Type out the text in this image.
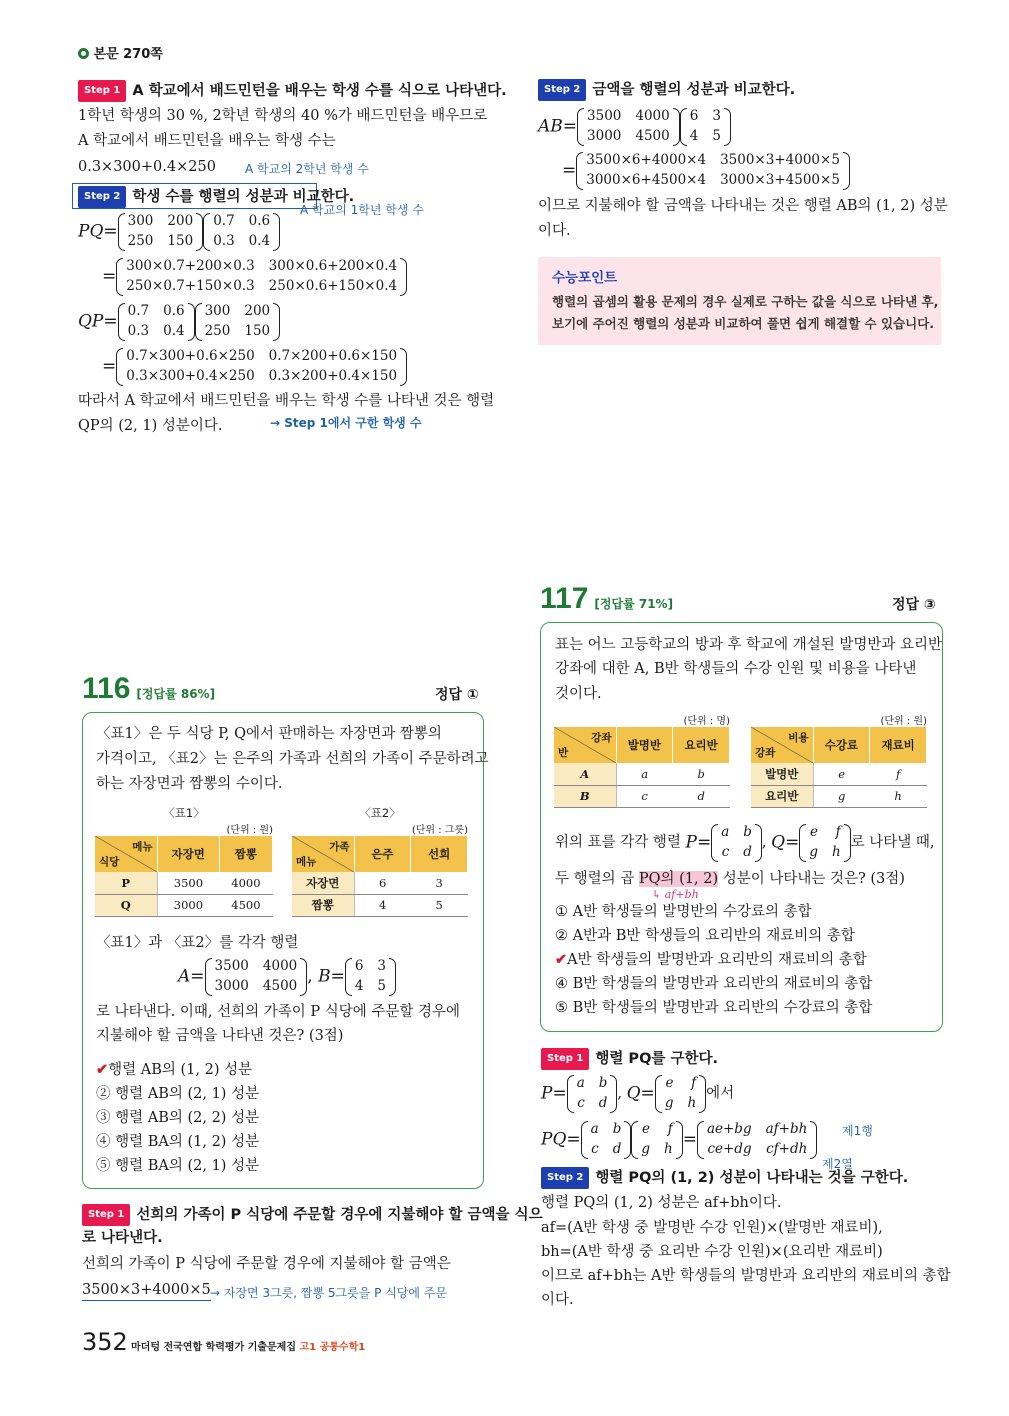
본문 270쪽
Step 1 A 학교에서 배드민턴을 배우는 학생 수를 식으로 나타낸다.
1학년 학생의 30 %, 2학년 학생의 40 %가 배드민턴을 배우므로
A 학교에서 배드민턴을 배우는 학생 수는
0.3×300+0.4×250 A 학교의 2학년 학생 수
Step 2 학생 수를 행렬의 성분과 비교한다.
A 학교의 1학년 학생 수
PQ=
300 200
250 150
0.7 0.6
0.3 0.4
=
300×0.7+200×0.3 300×0.6+200×0.4
250×0.7+150×0.3 250×0.6+150×0.4
QP=
0.7 0.6
0.3 0.4
300 200
250 150
=
0.7×300+0.6×250 0.7×200+0.6×150
0.3×300+0.4×250 0.3×200+0.4×150
따라서 A 학교에서 배드민턴을 배우는 학생 수를 나타낸 것은 행렬
QP의 (2, 1) 성분이다.	→ Step 1에서 구한 학생 수
Step 2 금액을 행렬의 성분과 비교한다.
AB=
3500 4000
3000 4500
6 3
4 5
=
3500×6+4000×4 3500×3+4000×5
3000×6+4500×4 3000×3+4500×5
이므로 지불해야 할 금액을 나타내는 것은 행렬 AB의 (1, 2) 성분
이다.
수능포인트
행렬의 곱셈의 활용 문제의 경우 실제로 구하는 값을 식으로 나타낸 후,
보기에 주어진 행렬의 성분과 비교하여 풀면 쉽게 해결할 수 있습니다.
116 [정답률 86%]	정답 ①
〈표1〉은 두 식당 P, Q에서 판매하는 자장면과 짬뽕의
가격이고, 〈표2〉는 은주의 가족과 선희의 가족이 주문하려고
하는 자장면과 짬뽕의 수이다.
〈표1〉
(단위 : 원)
메뉴
식당	자장면	짬뽕
P	3500	4000
Q	3000	4500
〈표2〉
(단위 : 그릇)
가족
메뉴	은주	선희
자장면	6	3
짬뽕	4	5
〈표1〉과 〈표2〉를 각각 행렬
A=
3500 4000
3000 4500 , B=
6 3
4 5
로 나타낸다. 이때, 선희의 가족이 P 식당에 주문할 경우에
지불해야 할 금액을 나타낸 것은? (3점)
✔행렬 AB의 (1, 2) 성분
② 행렬 AB의 (2, 1) 성분
③ 행렬 AB의 (2, 2) 성분
④ 행렬 BA의 (1, 2) 성분
⑤ 행렬 BA의 (2, 1) 성분
Step 1 선희의 가족이 P 식당에 주문할 경우에 지불해야 할 금액을 식으
로 나타낸다.
선희의 가족이 P 식당에 주문할 경우에 지불해야 할 금액은
3500×3+4000×5 → 자장면 3그릇, 짬뽕 5그릇을 P 식당에 주문
117 [정답률 71%]	정답 ③
표는 어느 고등학교의 방과 후 학교에 개설된 발명반과 요리반
강좌에 대한 A, B반 학생들의 수강 인원 및 비용을 나타낸
것이다.
(단위 : 명)
강좌
반	발명반	요리반
A	a	b
B	c	d
(단위 : 원)
비용
강좌	수강료	재료비
발명반	e	f
요리반	g	h
위의 표를 각각 행렬 P=
a b
c d
, Q=
e f
g h
로 나타낼 때,
두 행렬의 곱 PQ의 (1, 2) 성분이 나타내는 것은? (3점)
↳ af+bh
① A반 학생들의 발명반의 수강료의 총합
② A반과 B반 학생들의 요리반의 재료비의 총합
✔A반 학생들의 발명반과 요리반의 재료비의 총합
④ B반 학생들의 발명반과 요리반의 재료비의 총합
⑤ B반 학생들의 발명반과 요리반의 수강료의 총합
Step 1 행렬 PQ를 구한다.
P=
a b
c d
, Q=
e f
g h
에서
PQ=
a b
c d
e f
g h =
ae+bg af+bh
ce+dg cf+dh
제1행
제2열
Step 2 행렬 PQ의 (1, 2) 성분이 나타내는 것을 구한다.
행렬 PQ의 (1, 2) 성분은 af+bh이다.
af=(A반 학생 중 발명반 수강 인원)×(발명반 재료비),
bh=(A반 학생 중 요리반 수강 인원)×(요리반 재료비)
이므로 af+bh는 A반 학생들의 발명반과 요리반의 재료비의 총합
이다.
352 마더텅 전국연합 학력평가 기출문제집 고1 공통수학1
